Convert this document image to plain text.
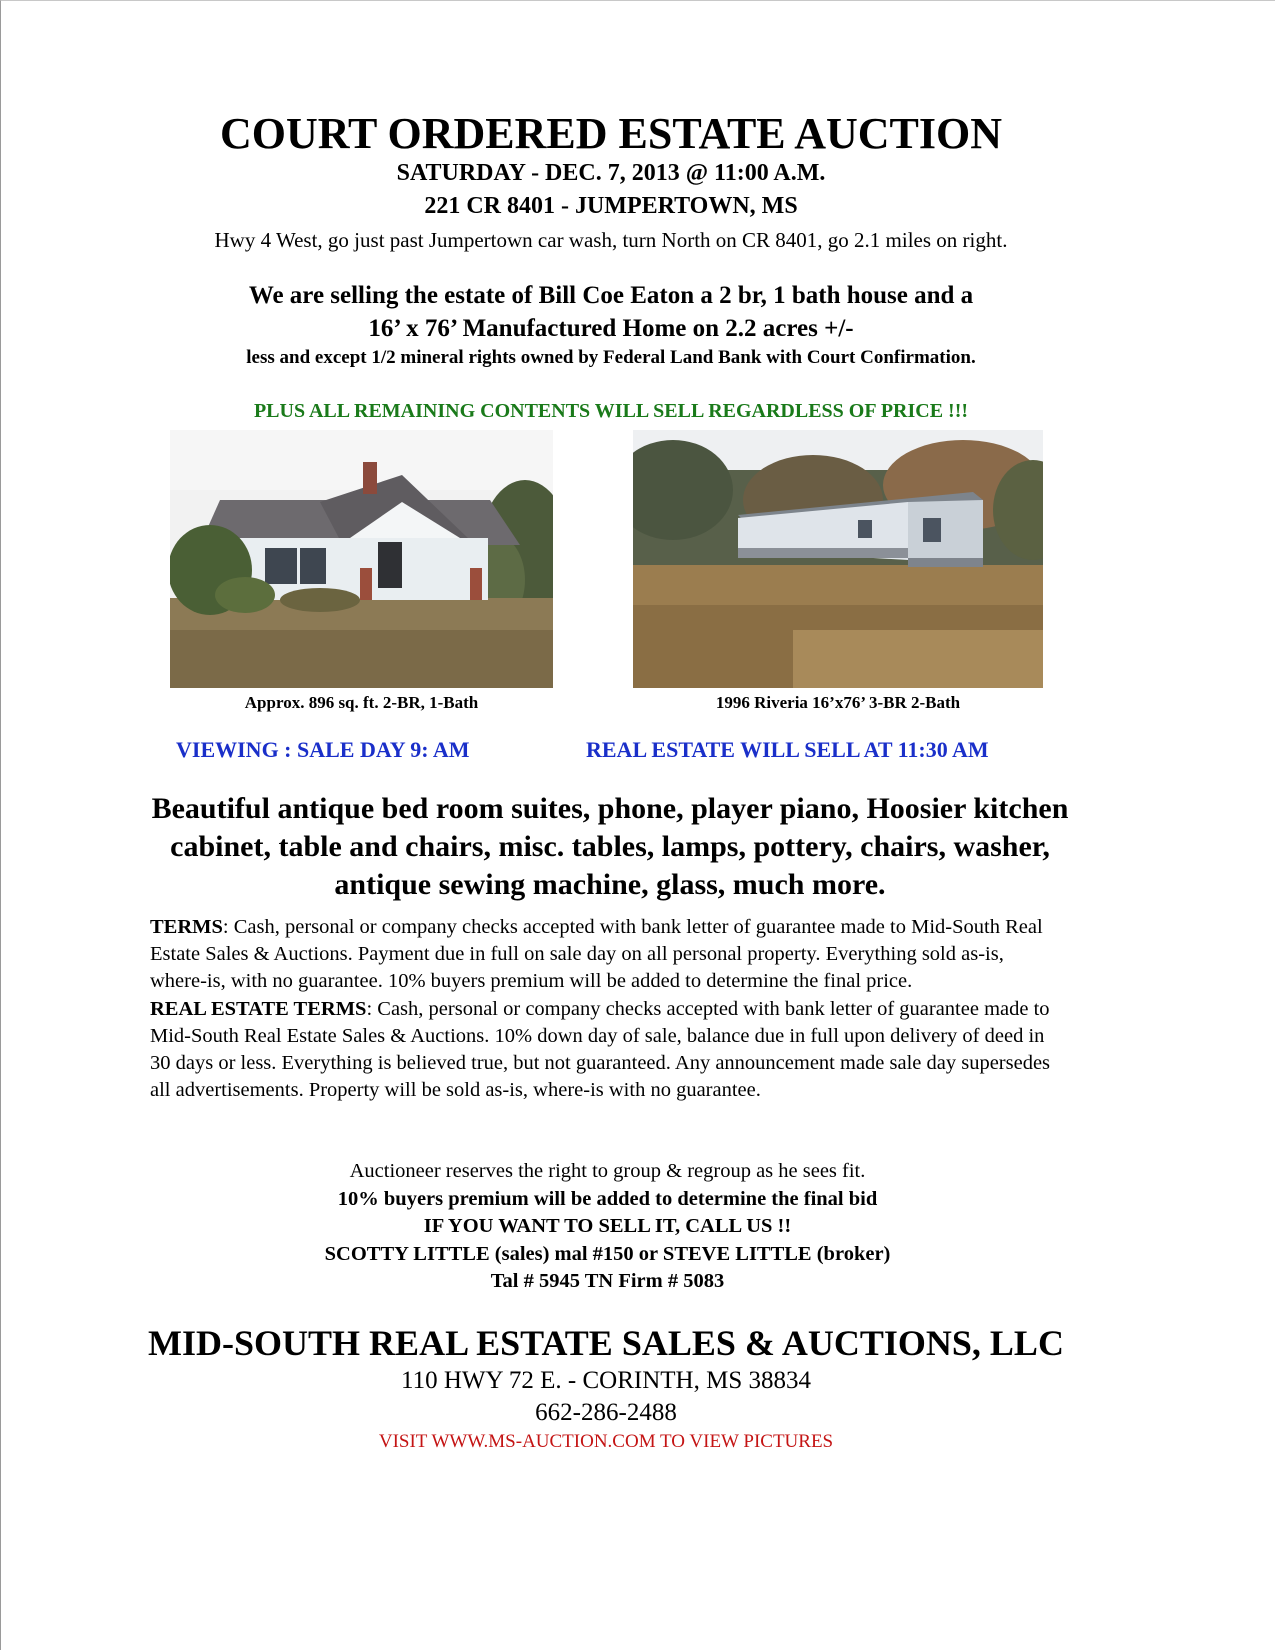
COURT ORDERED ESTATE AUCTION
SATURDAY - DEC. 7, 2013 @ 11:00 A.M.
221 CR 8401 - JUMPERTOWN, MS
Hwy 4 West, go just past Jumpertown car wash, turn North on CR 8401, go 2.1 miles on right.
We are selling the estate of Bill Coe Eaton a 2 br, 1 bath house and a
16’ x 76’ Manufactured Home on 2.2 acres +/-
less and except 1/2 mineral rights owned by Federal Land Bank with Court Confirmation.
PLUS ALL REMAINING CONTENTS WILL SELL REGARDLESS OF PRICE !!!
Approx. 896 sq. ft. 2-BR, 1-Bath	1996 Riveria 16’x76’ 3-BR 2-Bath
VIEWING : SALE DAY 9: AM	REAL ESTATE WILL SELL AT 11:30 AM
Beautiful antique bed room suites, phone, player piano, Hoosier kitchen cabinet, table and chairs, misc. tables, lamps, pottery, chairs, washer, antique sewing machine, glass, much more.

TERMS: Cash, personal or company checks accepted with bank letter of guarantee made to Mid-South Real Estate Sales & Auctions. Payment due in full on sale day on all personal property. Everything sold as-is, where-is, with no guarantee. 10% buyers premium will be added to determine the final price.

REAL ESTATE TERMS: Cash, personal or company checks accepted with bank letter of guarantee made to Mid-South Real Estate Sales & Auctions. 10% down day of sale, balance due in full upon delivery of deed in 30 days or less. Everything is believed true, but not guaranteed. Any announcement made sale day supersedes all advertisements. Property will be sold as-is, where-is with no guarantee.

Auctioneer reserves the right to group & regroup as he sees fit.
10% buyers premium will be added to determine the final bid
IF YOU WANT TO SELL IT, CALL US !!
SCOTTY LITTLE (sales) mal #150 or STEVE LITTLE (broker)
Tal # 5945 TN Firm # 5083
MID-SOUTH REAL ESTATE SALES & AUCTIONS, LLC
110 HWY 72 E. - CORINTH, MS 38834
662-286-2488
VISIT WWW.MS-AUCTION.COM TO VIEW PICTURES
